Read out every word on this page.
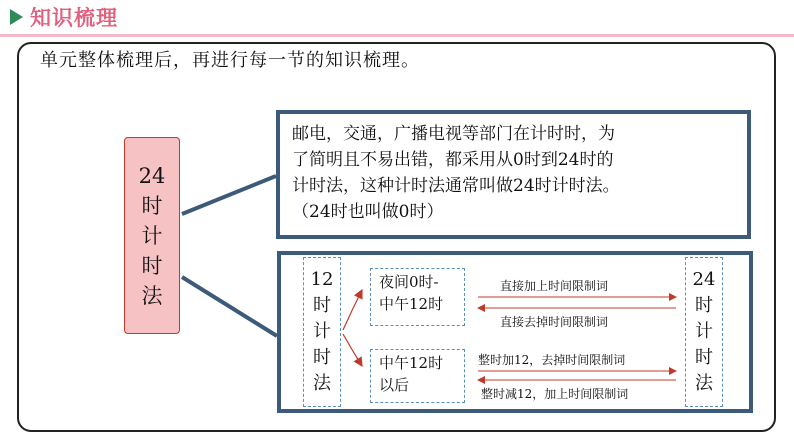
知识梳理
单元整体梳理后，再进行每一节的知识梳理。
24
时
计
时
法
邮电，交通，广播电视等部门在计时时，为
了简明且不易出错，都采用从0时到24时的
计时法，这种计时法通常叫做24时计时法。
（24时也叫做0时）
12
时
计
时
法
24
时
计
时
法
夜间0时-
中午12时
中午12时
以后
直接加上时间限制词
直接去掉时间限制词
整时加12，去掉时间限制词
整时减12，加上时间限制词
